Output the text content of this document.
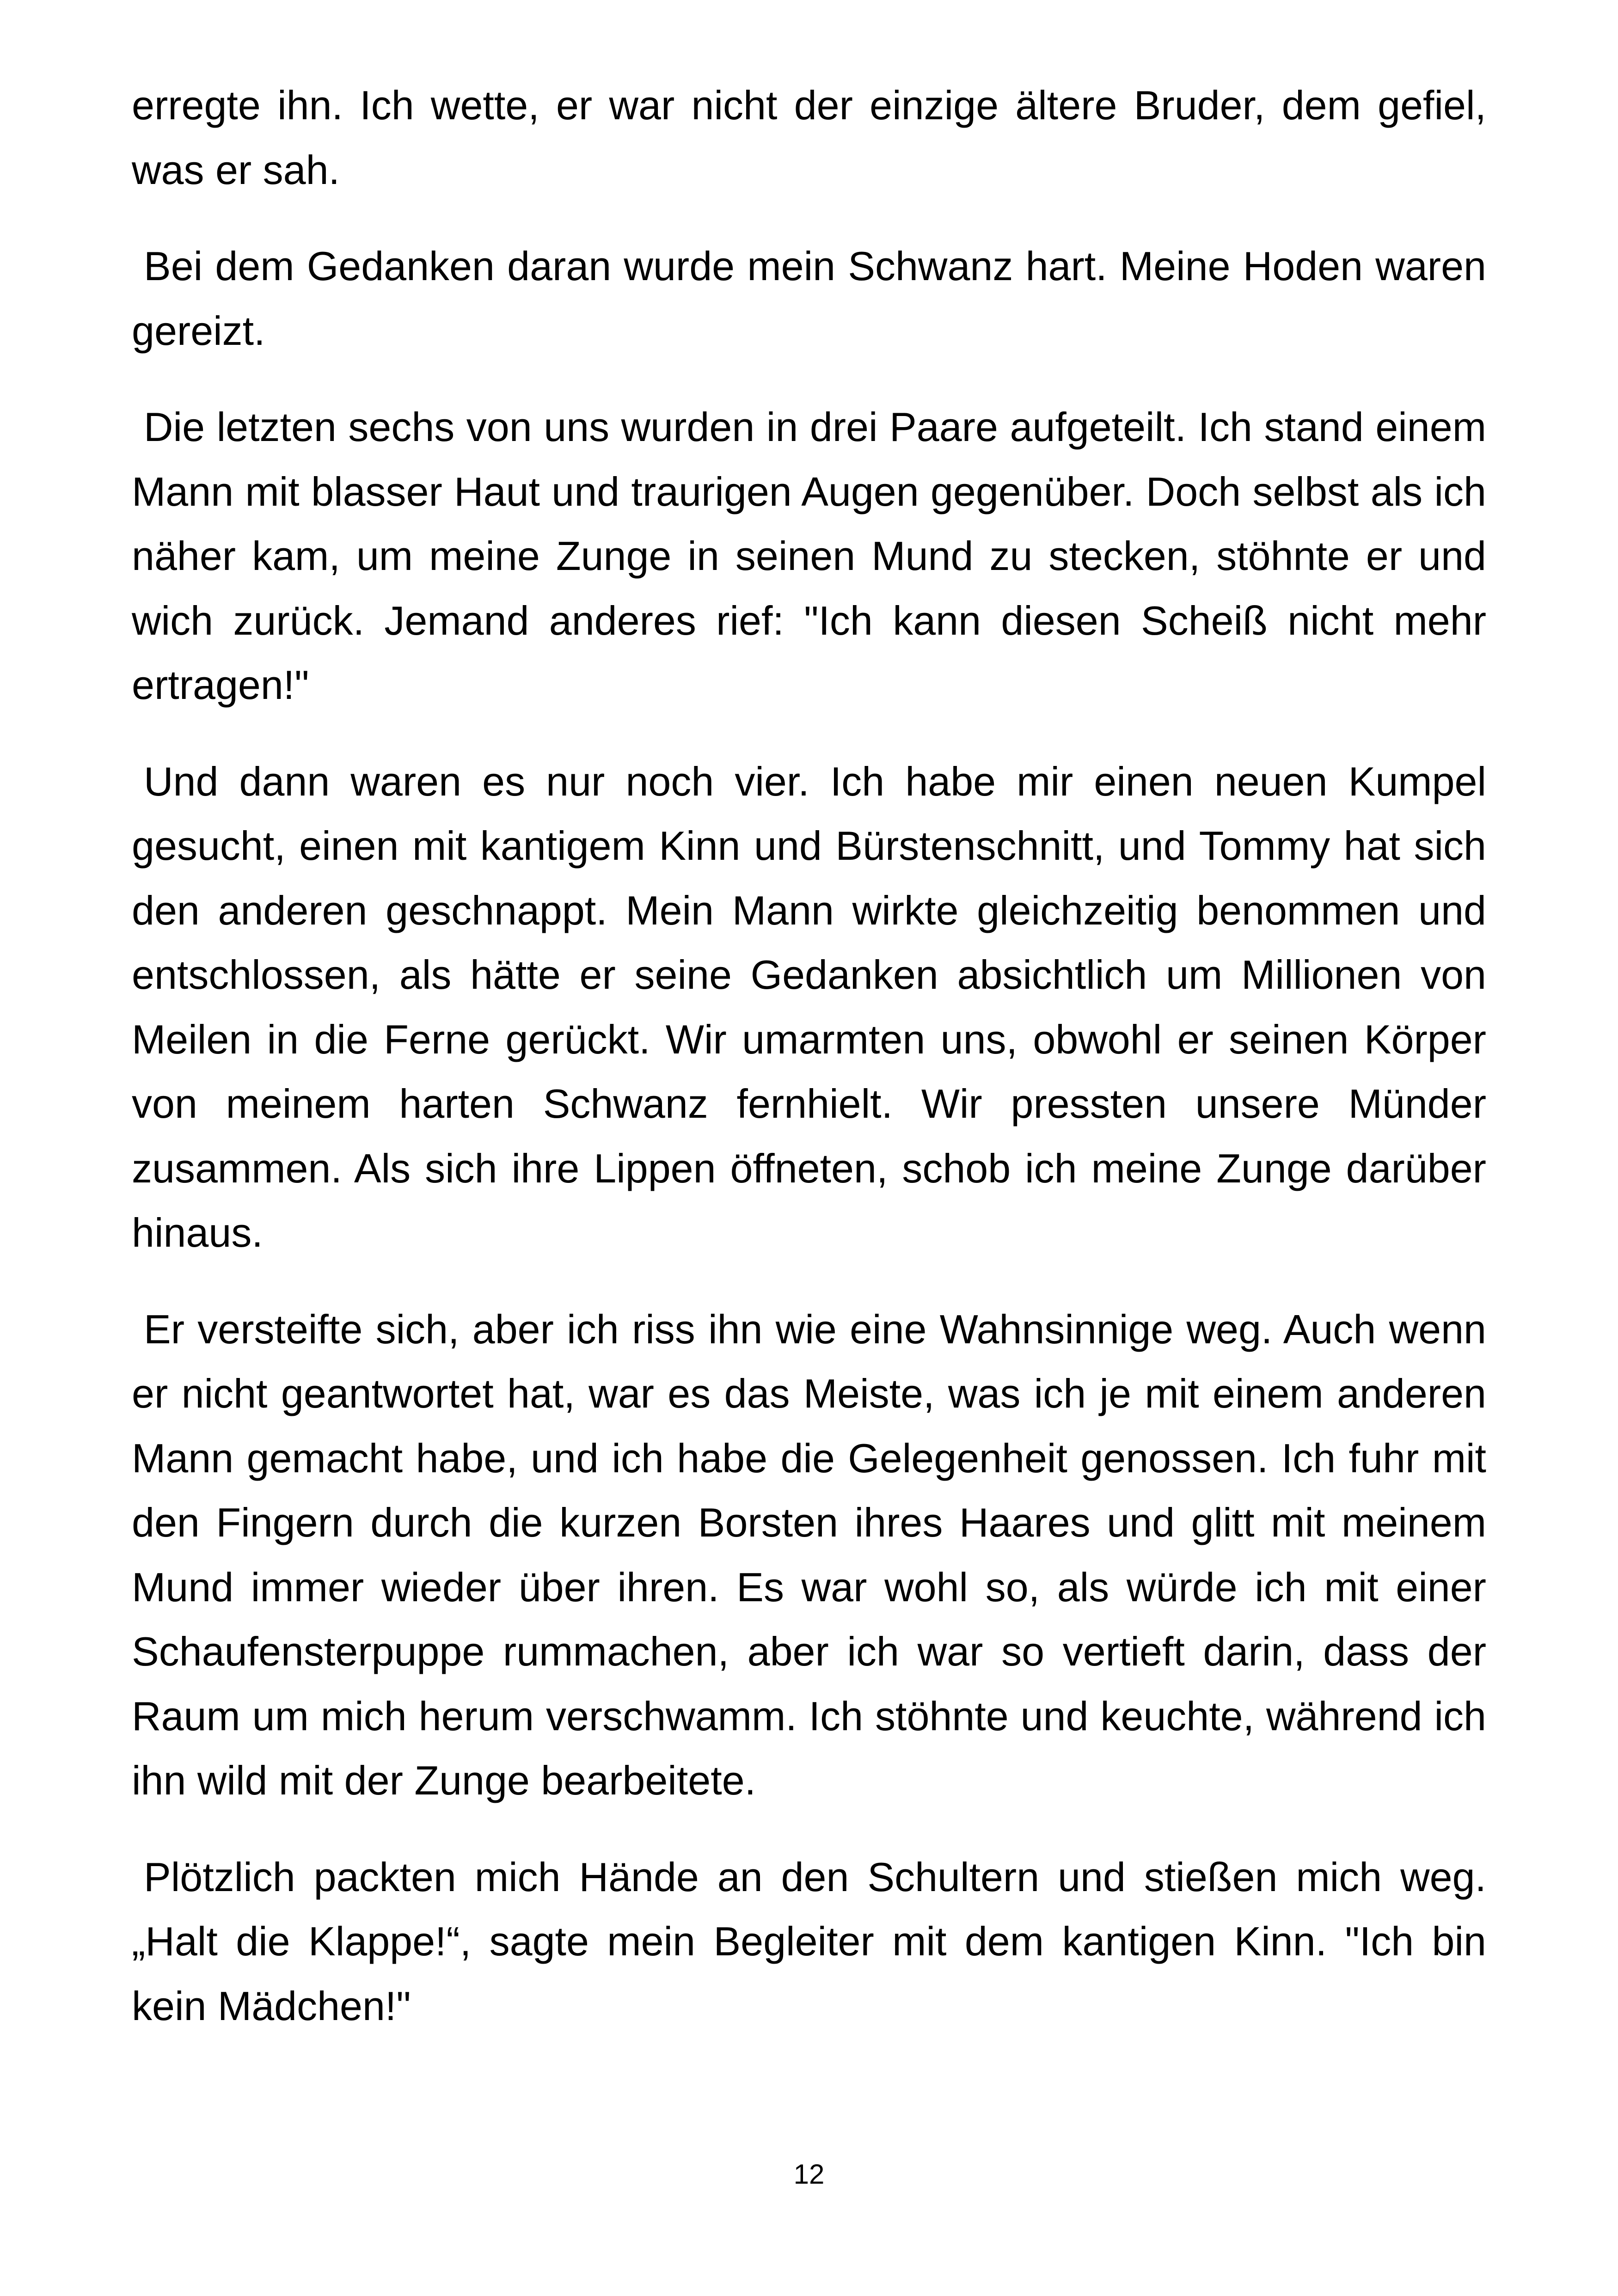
erregte ihn. Ich wette, er war nicht der einzige ältere Bruder, dem gefiel, was er sah.

Bei dem Gedanken daran wurde mein Schwanz hart. Meine Hoden waren gereizt.

Die letzten sechs von uns wurden in drei Paare aufgeteilt. Ich stand einem Mann mit blasser Haut und traurigen Augen gegenüber. Doch selbst als ich näher kam, um meine Zunge in seinen Mund zu stecken, stöhnte er und wich zurück. Jemand anderes rief: "Ich kann diesen Scheiß nicht mehr ertragen!"

Und dann waren es nur noch vier. Ich habe mir einen neuen Kumpel gesucht, einen mit kantigem Kinn und Bürstenschnitt, und Tommy hat sich den anderen geschnappt. Mein Mann wirkte gleichzeitig benommen und entschlossen, als hätte er seine Gedanken absichtlich um Millionen von Meilen in die Ferne gerückt. Wir umarmten uns, obwohl er seinen Körper von meinem harten Schwanz fernhielt. Wir pressten unsere Münder zusammen. Als sich ihre Lippen öffneten, schob ich meine Zunge darüber hinaus.

Er versteifte sich, aber ich riss ihn wie eine Wahnsinnige weg. Auch wenn er nicht geantwortet hat, war es das Meiste, was ich je mit einem anderen Mann gemacht habe, und ich habe die Gelegenheit genossen. Ich fuhr mit den Fingern durch die kurzen Borsten ihres Haares und glitt mit meinem Mund immer wieder über ihren. Es war wohl so, als würde ich mit einer Schaufensterpuppe rummachen, aber ich war so vertieft darin, dass der Raum um mich herum verschwamm. Ich stöhnte und keuchte, während ich ihn wild mit der Zunge bearbeitete.

Plötzlich packten mich Hände an den Schultern und stießen mich weg. „Halt die Klappe!“, sagte mein Begleiter mit dem kantigen Kinn. "Ich bin kein Mädchen!"

12
